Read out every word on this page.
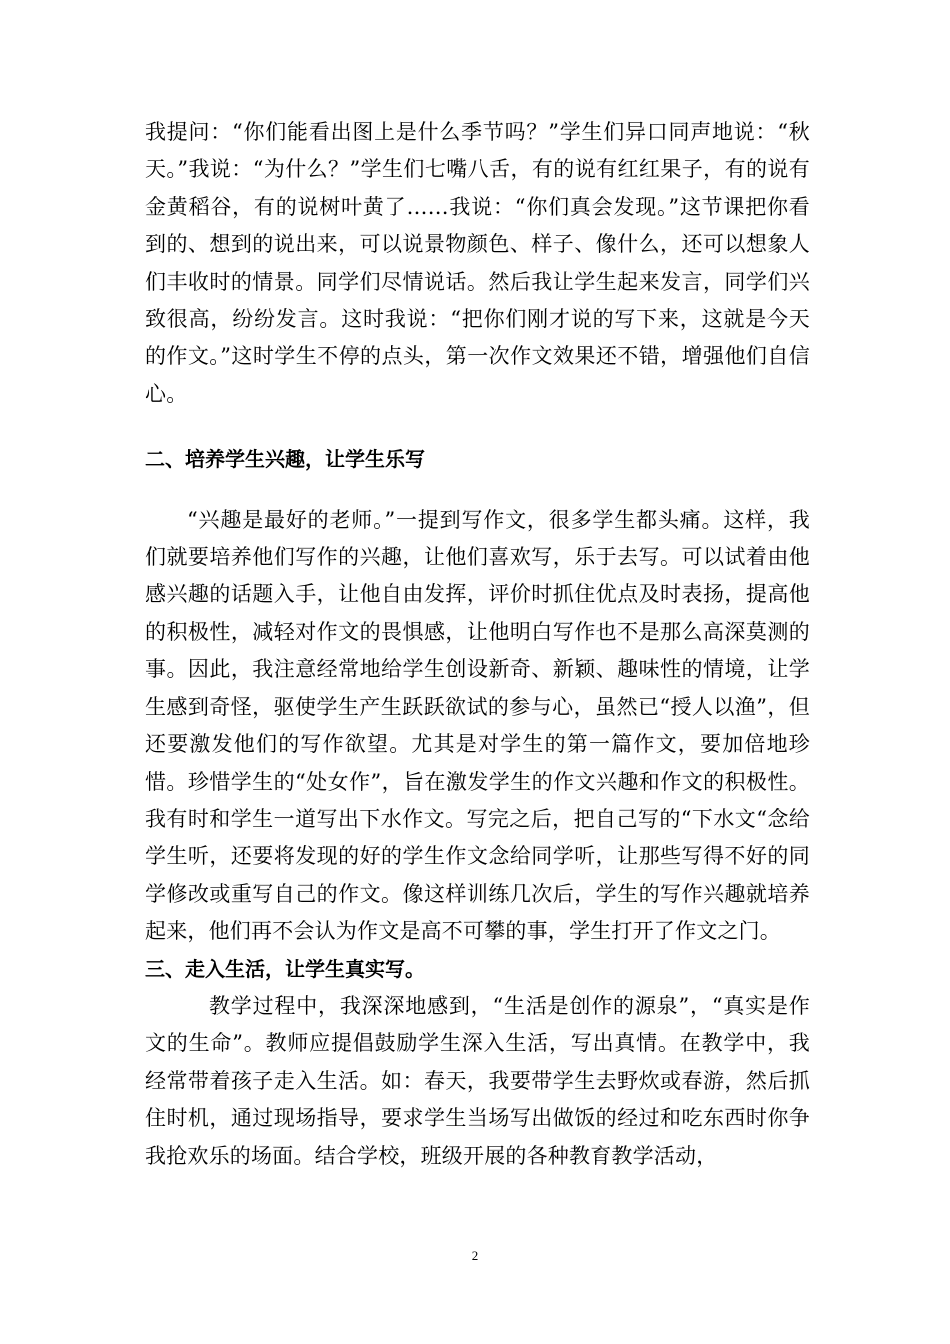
我提问：“你们能看出图上是什么季节吗？”学生们异口同声地说：“秋天。”我说：“为什么？”学生们七嘴八舌，有的说有红红果子，有的说有金黄稻谷，有的说树叶黄了……我说：“你们真会发现。”这节课把你看到的、想到的说出来，可以说景物颜色、样子、像什么，还可以想象人们丰收时的情景。同学们尽情说话。然后我让学生起来发言，同学们兴致很高，纷纷发言。这时我说：“把你们刚才说的写下来，这就是今天的作文。”这时学生不停的点头，第一次作文效果还不错，增强他们自信心。

二、培养学生兴趣，让学生乐写

“兴趣是最好的老师。”一提到写作文，很多学生都头痛。这样，我们就要培养他们写作的兴趣，让他们喜欢写，乐于去写。可以试着由他感兴趣的话题入手，让他自由发挥，评价时抓住优点及时表扬，提高他的积极性，减轻对作文的畏惧感，让他明白写作也不是那么高深莫测的事。因此，我注意经常地给学生创设新奇、新颖、趣味性的情境，让学生感到奇怪，驱使学生产生跃跃欲试的参与心，虽然已“授人以渔”，但还要激发他们的写作欲望。尤其是对学生的第一篇作文，要加倍地珍惜。珍惜学生的“处女作”，旨在激发学生的作文兴趣和作文的积极性。我有时和学生一道写出下水作文。写完之后，把自己写的“下水文“念给学生听，还要将发现的好的学生作文念给同学听，让那些写得不好的同学修改或重写自己的作文。像这样训练几次后，学生的写作兴趣就培养起来，他们再不会认为作文是高不可攀的事，学生打开了作文之门。

三、走入生活，让学生真实写。

教学过程中，我深深地感到，“生活是创作的源泉”，“真实是作文的生命”。教师应提倡鼓励学生深入生活，写出真情。在教学中，我经常带着孩子走入生活。如：春天，我要带学生去野炊或春游，然后抓住时机，通过现场指导，要求学生当场写出做饭的经过和吃东西时你争我抢欢乐的场面。结合学校，班级开展的各种教育教学活动，

2
